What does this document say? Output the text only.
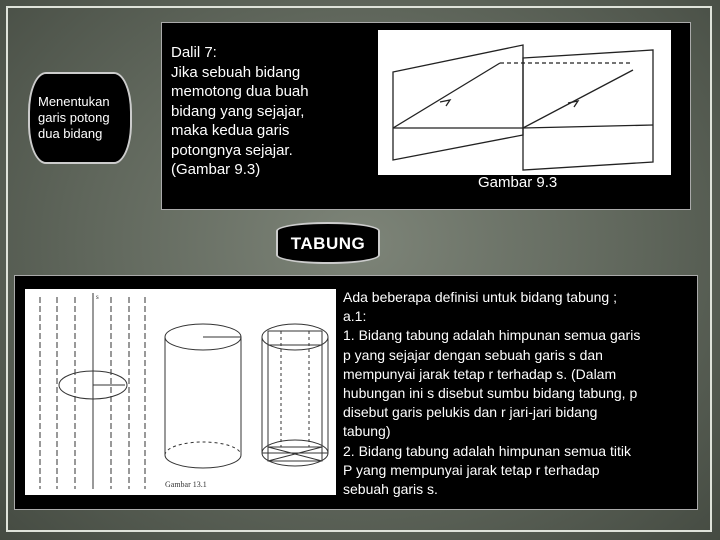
Menentukan
garis potong
dua bidang
Dalil 7:
Jika sebuah bidang
memotong dua buah
bidang yang sejajar,
maka kedua garis
potongnya sejajar.
(Gambar 9.3)
Gambar 9.3
TABUNG
s
Gambar 13.1
Ada beberapa definisi untuk bidang tabung ;
a.1:
1. Bidang tabung adalah himpunan semua garis
p yang sejajar dengan sebuah garis s dan
mempunyai jarak tetap r terhadap s. (Dalam
hubungan ini s disebut sumbu bidang tabung, p
disebut garis pelukis dan r jari-jari bidang
tabung)
2. Bidang tabung adalah himpunan semua titik
P yang mempunyai jarak tetap r terhadap
sebuah garis s.
